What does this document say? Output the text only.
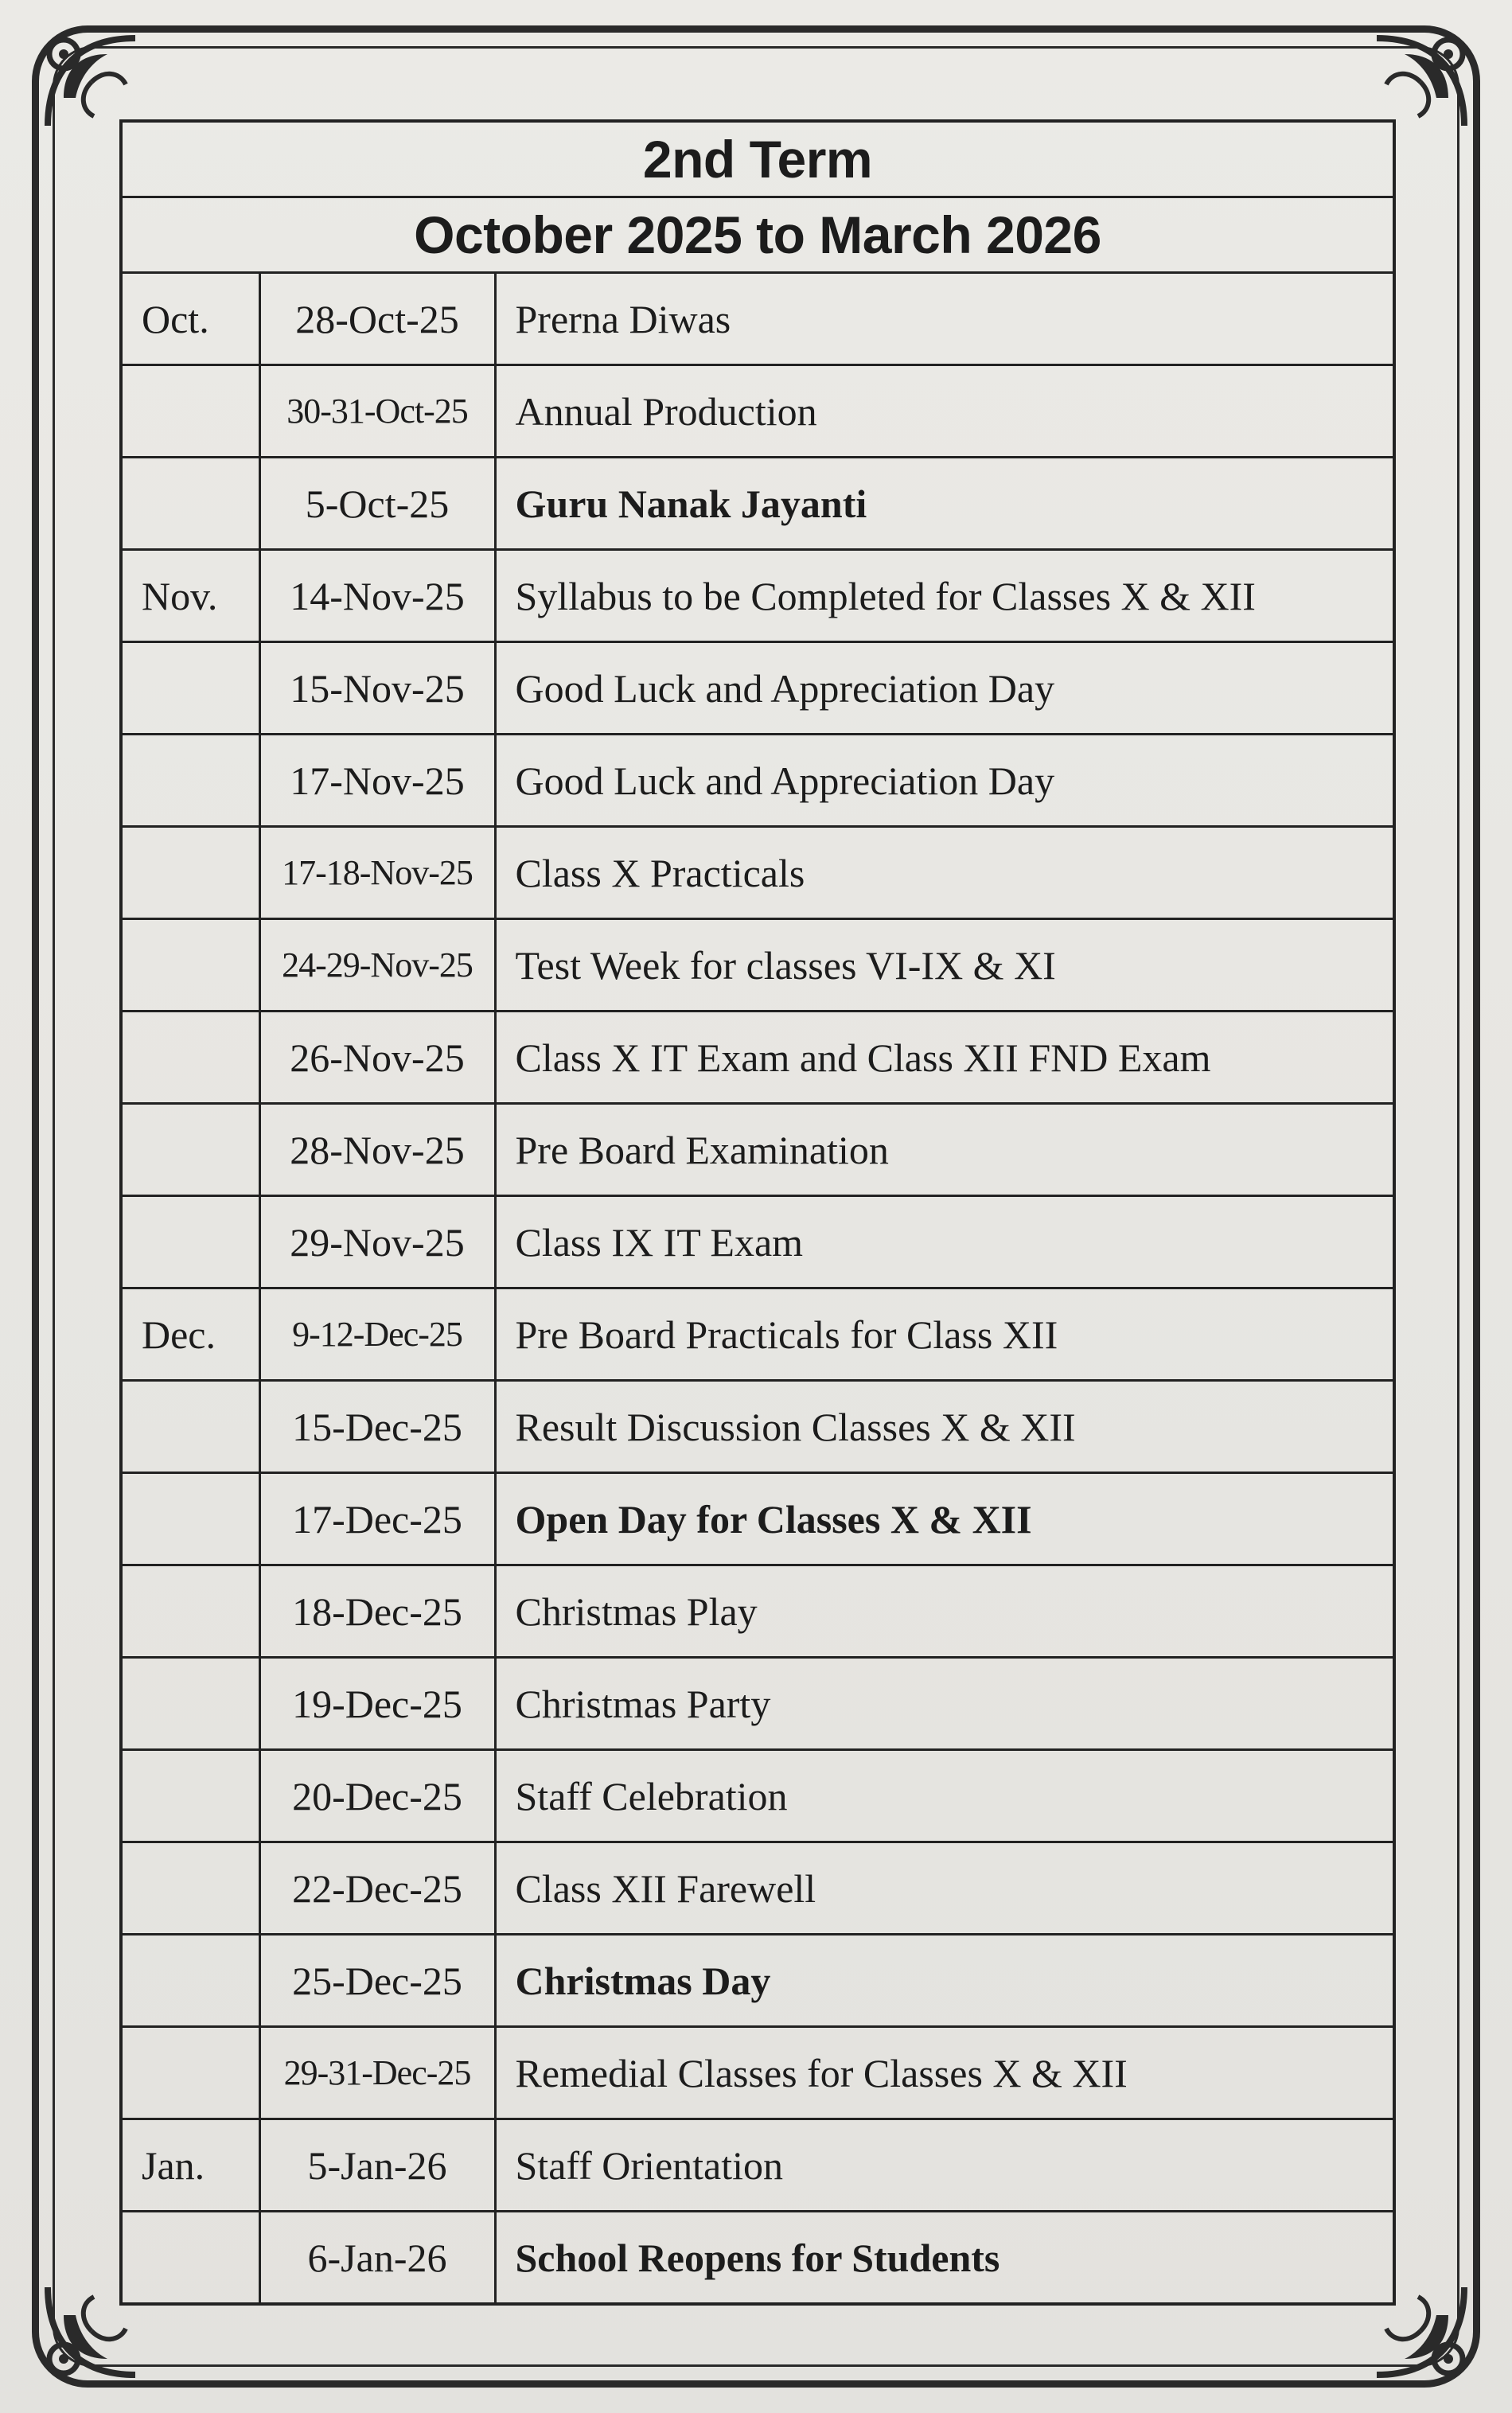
2nd Term		
October 2025 to March 2026		
Oct.	28-Oct-25	Prerna Diwas
	30-31-Oct-25	Annual Production
	5-Oct-25	Guru Nanak Jayanti
Nov.	14-Nov-25	Syllabus to be Completed for Classes X & XII
	15-Nov-25	Good Luck and Appreciation Day
	17-Nov-25	Good Luck and Appreciation Day
	17-18-Nov-25	Class X Practicals
	24-29-Nov-25	Test Week for classes VI-IX & XI
	26-Nov-25	Class X IT Exam and Class XII FND Exam
	28-Nov-25	Pre Board Examination
	29-Nov-25	Class IX IT Exam
Dec.	9-12-Dec-25	Pre Board Practicals for Class XII
	15-Dec-25	Result Discussion Classes X & XII
	17-Dec-25	Open Day for Classes X & XII
	18-Dec-25	Christmas Play
	19-Dec-25	Christmas Party
	20-Dec-25	Staff Celebration
	22-Dec-25	Class XII Farewell
	25-Dec-25	Christmas Day
	29-31-Dec-25	Remedial Classes for Classes X & XII
Jan.	5-Jan-26	Staff Orientation
	6-Jan-26	School Reopens for Students
